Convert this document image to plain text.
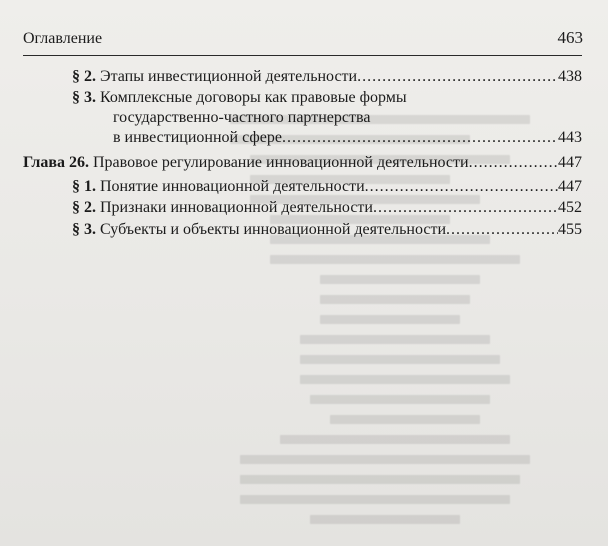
Оглавление	463
§ 2.
Этапы инвестиционной деятельности .....	438
§ 3. Комплексные договоры как правовые формы
государственно-частного партнерства
в инвестиционной сфере .....	443
Глава 26.
Правовое регулирование инновационной деятельности .....	447
§ 1.
Понятие инновационной деятельности .....	447
§ 2.
Признаки инновационной деятельности .....	452
§ 3.
Субъекты и объекты инновационной деятельности .....	455
